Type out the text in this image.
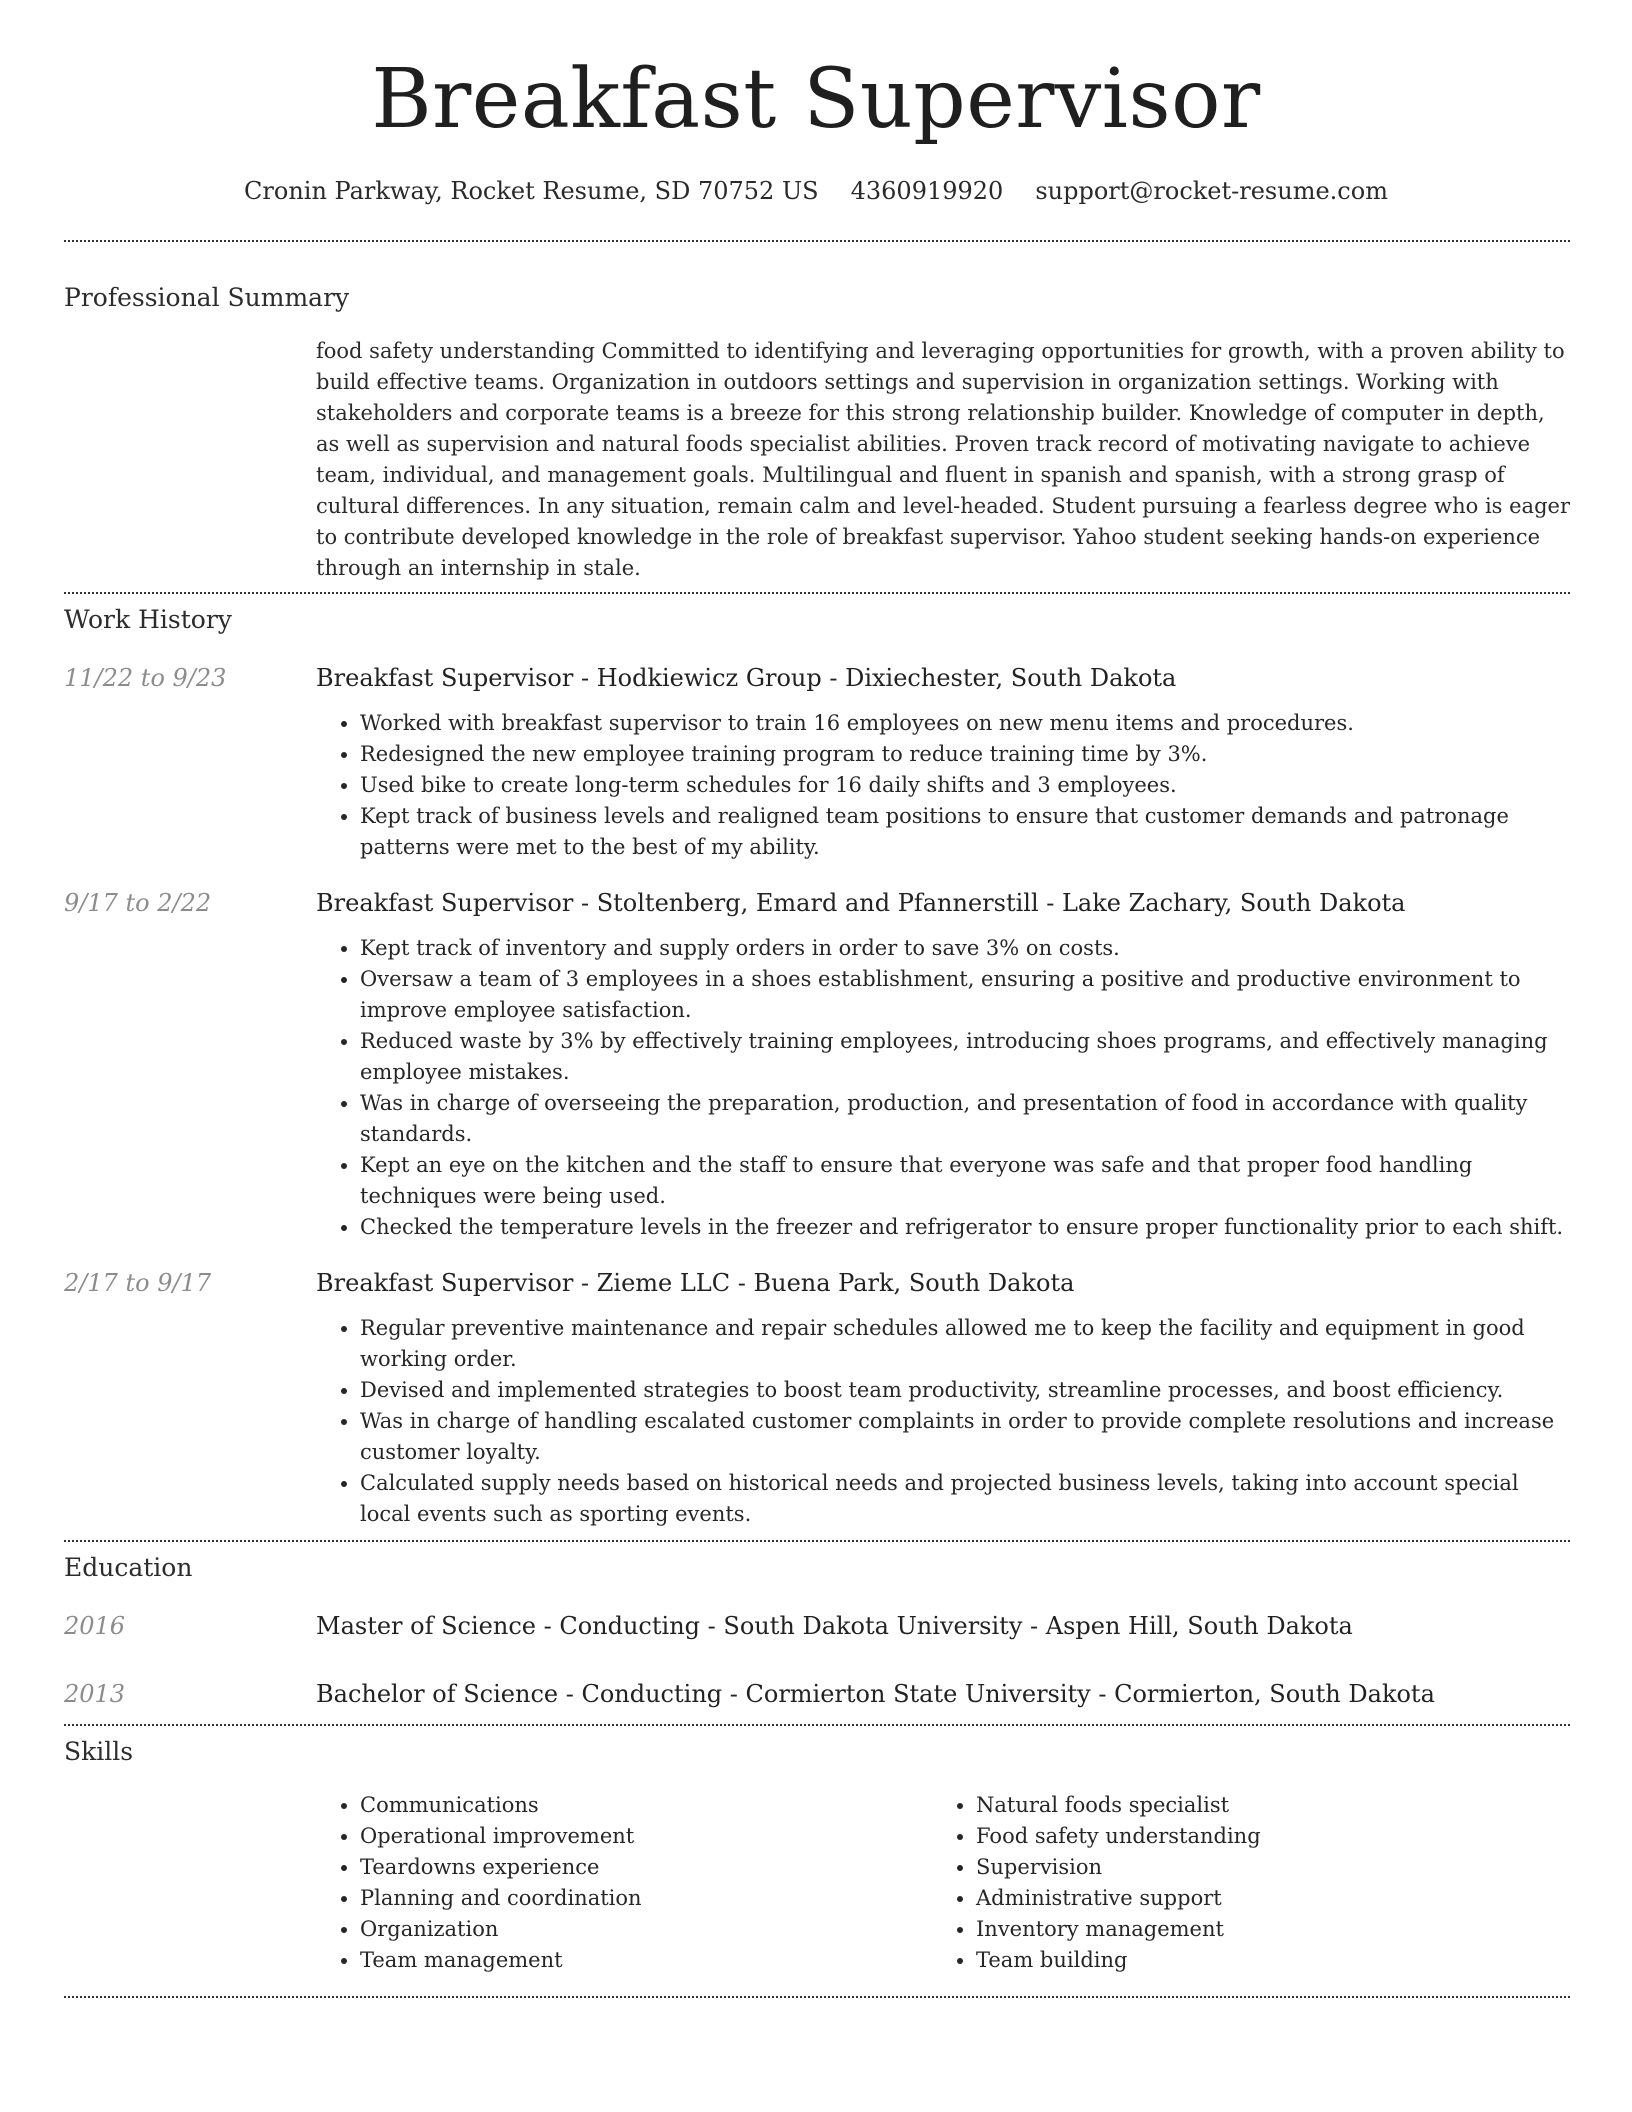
Breakfast Supervisor
Cronin Parkway, Rocket Resume, SD 70752 US 4360919920 support@rocket-resume.com
Professional Summary
food safety understanding Committed to identifying and leveraging opportunities for growth, with a proven ability to build effective teams. Organization in outdoors settings and supervision in organization settings. Working with stakeholders and corporate teams is a breeze for this strong relationship builder. Knowledge of computer in depth, as well as supervision and natural foods specialist abilities. Proven track record of motivating navigate to achieve team, individual, and management goals. Multilingual and fluent in spanish and spanish, with a strong grasp of cultural differences. In any situation, remain calm and level-headed. Student pursuing a fearless degree who is eager to contribute developed knowledge in the role of breakfast supervisor. Yahoo student seeking hands-on experience through an internship in stale.
Work History
11/22 to 9/23	Breakfast Supervisor - Hodkiewicz Group - Dixiechester, South Dakota
• Worked with breakfast supervisor to train 16 employees on new menu items and procedures.
• Redesigned the new employee training program to reduce training time by 3%.
• Used bike to create long-term schedules for 16 daily shifts and 3 employees.
• Kept track of business levels and realigned team positions to ensure that customer demands and patronage patterns were met to the best of my ability.
9/17 to 2/22	Breakfast Supervisor - Stoltenberg, Emard and Pfannerstill - Lake Zachary, South Dakota
• Kept track of inventory and supply orders in order to save 3% on costs.
• Oversaw a team of 3 employees in a shoes establishment, ensuring a positive and productive environment to improve employee satisfaction.
• Reduced waste by 3% by effectively training employees, introducing shoes programs, and effectively managing employee mistakes.
• Was in charge of overseeing the preparation, production, and presentation of food in accordance with quality standards.
• Kept an eye on the kitchen and the staff to ensure that everyone was safe and that proper food handling techniques were being used.
• Checked the temperature levels in the freezer and refrigerator to ensure proper functionality prior to each shift.
2/17 to 9/17	Breakfast Supervisor - Zieme LLC - Buena Park, South Dakota
• Regular preventive maintenance and repair schedules allowed me to keep the facility and equipment in good working order.
• Devised and implemented strategies to boost team productivity, streamline processes, and boost efficiency.
• Was in charge of handling escalated customer complaints in order to provide complete resolutions and increase customer loyalty.
• Calculated supply needs based on historical needs and projected business levels, taking into account special local events such as sporting events.
Education
2016	Master of Science - Conducting - South Dakota University - Aspen Hill, South Dakota
2013	Bachelor of Science - Conducting - Cormierton State University - Cormierton, South Dakota
Skills
• Communications
• Operational improvement
• Teardowns experience
• Planning and coordination
• Organization
• Team management
• Natural foods specialist
• Food safety understanding
• Supervision
• Administrative support
• Inventory management
• Team building
